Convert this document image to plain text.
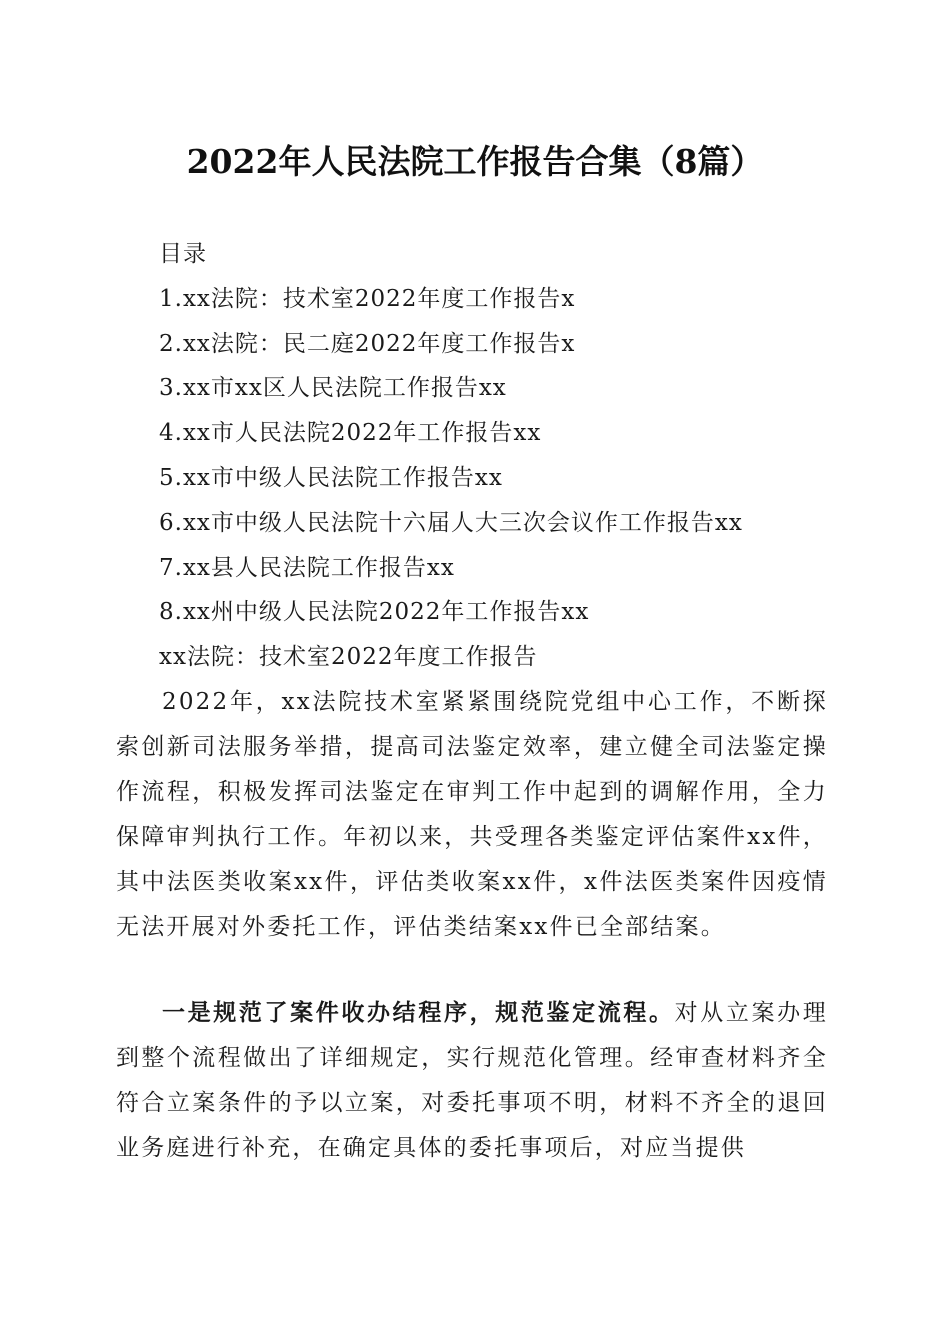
2022年人民法院工作报告合集（8篇）
目录
1.xx法院：技术室2022年度工作报告x
2.xx法院：民二庭2022年度工作报告x
3.xx市xx区人民法院工作报告xx
4.xx市人民法院2022年工作报告xx
5.xx市中级人民法院工作报告xx
6.xx市中级人民法院十六届人大三次会议作工作报告xx
7.xx县人民法院工作报告xx
8.xx州中级人民法院2022年工作报告xx
xx法院：技术室2022年度工作报告

2022年，xx法院技术室紧紧围绕院党组中心工作，不断探索创新司法服务举措，提高司法鉴定效率，建立健全司法鉴定操作流程，积极发挥司法鉴定在审判工作中起到的调解作用，全力保障审判执行工作。年初以来，共受理各类鉴定评估案件xx件，其中法医类收案xx件，评估类收案xx件，x件法医类案件因疫情无法开展对外委托工作，评估类结案xx件已全部结案。

一是规范了案件收办结程序，规范鉴定流程。对从立案办理到整个流程做出了详细规定，实行规范化管理。经审查材料齐全符合立案条件的予以立案，对委托事项不明，材料不齐全的退回业务庭进行补充，在确定具体的委托事项后，对应当提供
